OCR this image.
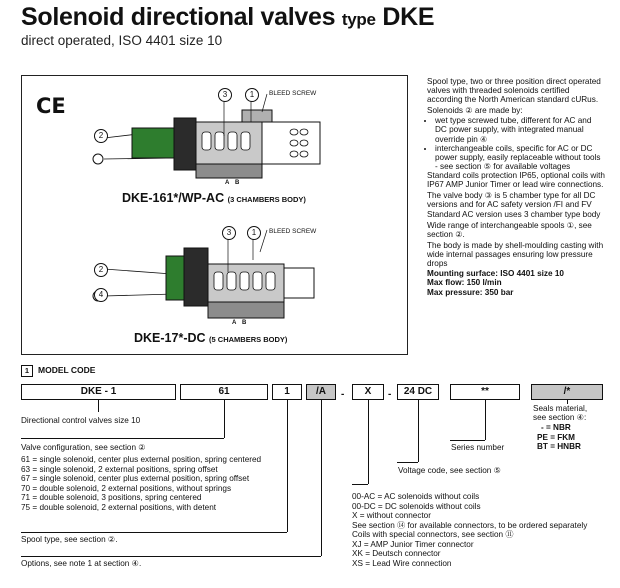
Solenoid directional valves type DKE
direct operated, ISO 4401 size 10
CE
2
3	1	BLEED SCREW
A B
DKE-161*/WP-AC (3 CHAMBERS BODY)
2
4
3	1	BLEED SCREW
A B
DKE-17*-DC (5 CHAMBERS BODY)

Spool type, two or three position direct operated valves with threaded solenoids certified according the North American standard cURus.

Solenoids ② are made by:

• wet type screwed tube, different for AC and DC power supply, with integrated manual override pin ④
• interchangeable coils, specific for AC or DC power supply, easily replaceable without tools - see section ⑤ for available voltages

Standard coils protection IP65, optional coils with IP67 AMP Junior Timer or lead wire connections.

The valve body ③ is 5 chamber type for all DC versions and for AC safety version /FI and FV

Standard AC version uses 3 chamber type body

Wide range of interchangeable spools ①, see section ②.

The body is made by shell-moulding casting with wide internal passages ensuring low pressure drops

Mounting surface: ISO 4401 size 10
Max flow: 150 l/min
Max pressure: 350 bar
1 MODEL CODE
DKE - 1	61	1	/A	-	X	-	24 DC	**	/*
Directional control valves size 10
Valve configuration, see section ②
61 = single solenoid, center plus external position, spring centered
63 = single solenoid, 2 external positions, spring offset
67 = single solenoid, center plus external position, spring offset
70 = double solenoid, 2 external positions, without springs
71 = double solenoid, 3 positions, spring centered
75 = double solenoid, 2 external positions, with detent
Spool type, see section ②.
Options, see note 1 at section ④.
Series number
Voltage code, see section ⑤
Seals material,
see section ④:
- = NBR
PE = FKM
BT = HNBR
00-AC = AC solenoids without coils
00-DC = DC solenoids without coils
X = without connector
See section ⑭ for available connectors, to be ordered separately
Coils with special connectors, see section ⑪
XJ = AMP Junior Timer connector
XK = Deutsch connector
XS = Lead Wire connection
